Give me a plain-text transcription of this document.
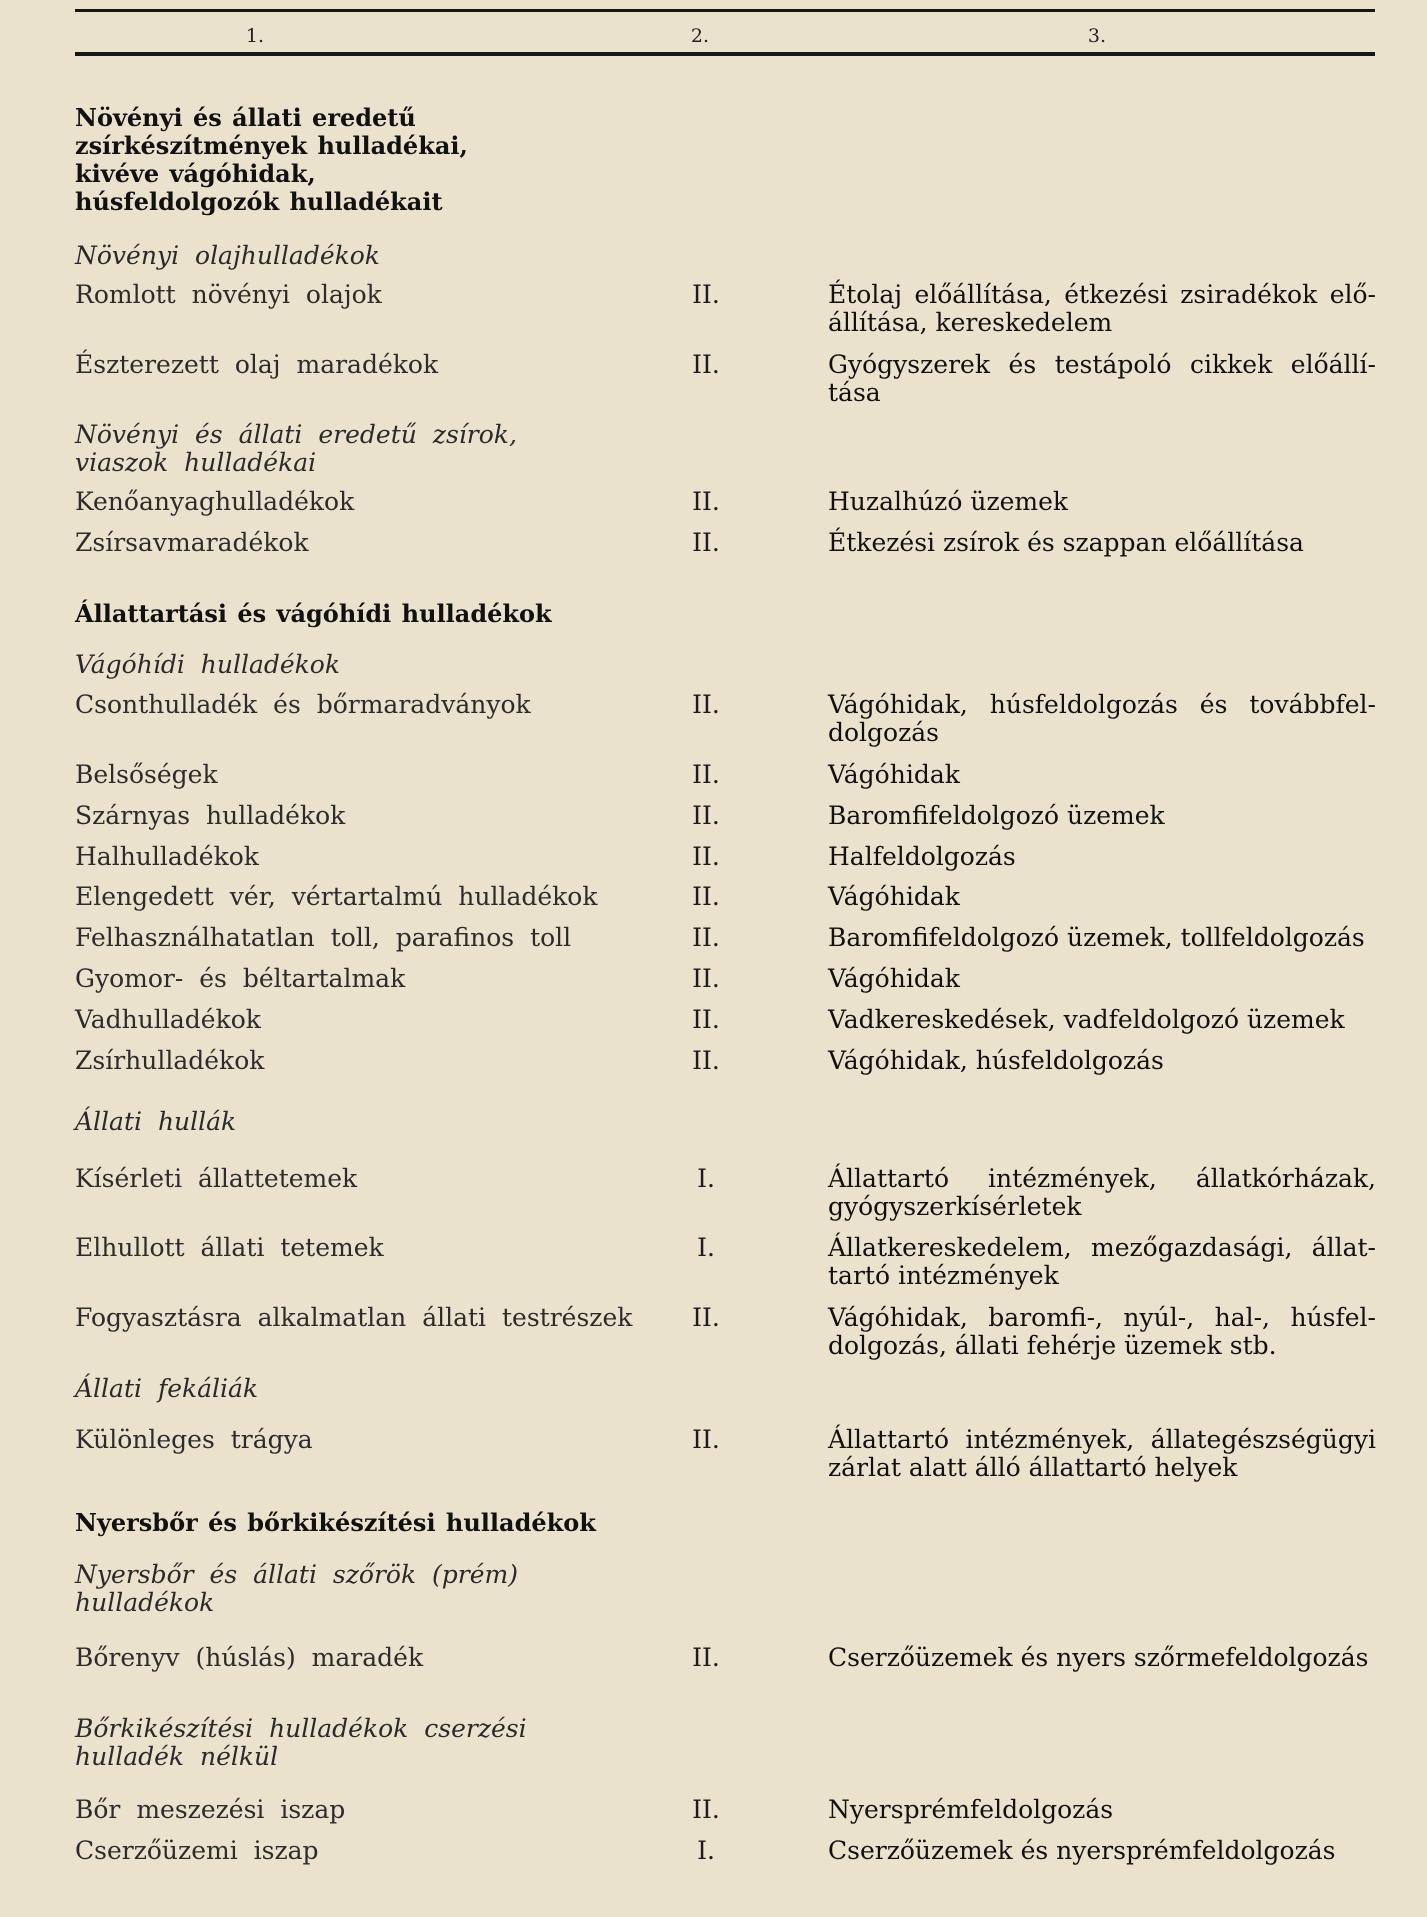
1.	2.	3.
Növényi és állati eredetű
zsírkészítmények hulladékai,
kivéve vágóhidak,
húsfeldolgozók hulladékait
Növényi olajhulladékok
Romlott növényi olajok	II.	Étolaj előállítása, étkezési zsiradékok elő-
állítása, kereskedelem
Észterezett olaj maradékok	II.	Gyógyszerek és testápoló cikkek előállí-
tása
Növényi és állati eredetű zsírok,
viaszok hulladékai
Kenőanyaghulladékok	II.	Huzalhúzó üzemek
Zsírsavmaradékok	II.	Étkezési zsírok és szappan előállítása
Állattartási és vágóhídi hulladékok
Vágóhídi hulladékok
Csonthulladék és bőrmaradványok	II.	Vágóhidak, húsfeldolgozás és továbbfel-
dolgozás
Belsőségek	II.	Vágóhidak
Szárnyas hulladékok	II.	Baromfifeldolgozó üzemek
Halhulladékok	II.	Halfeldolgozás
Elengedett vér, vértartalmú hulladékok	II.	Vágóhidak
Felhasználhatatlan toll, parafinos toll	II.	Baromfifeldolgozó üzemek, tollfeldolgozás
Gyomor- és béltartalmak	II.	Vágóhidak
Vadhulladékok	II.	Vadkereskedések, vadfeldolgozó üzemek
Zsírhulladékok	II.	Vágóhidak, húsfeldolgozás
Állati hullák
Kísérleti állattetemek	I.	Állattartó intézmények, állatkórházak,
gyógyszerkísérletek
Elhullott állati tetemek	I.	Állatkereskedelem, mezőgazdasági, állat-
tartó intézmények
Fogyasztásra alkalmatlan állati testrészek II.	Vágóhidak, baromfi-, nyúl-, hal-, húsfel-
dolgozás, állati fehérje üzemek stb.
Állati fekáliák
Különleges trágya	II.	Állattartó intézmények, állategészségügyi
zárlat alatt álló állattartó helyek
Nyersbőr és bőrkikészítési hulladékok
Nyersbőr és állati szőrök (prém)
hulladékok
Bőrenyv (húslás) maradék	II.	Cserzőüzemek és nyers szőrmefeldolgozás
Bőrkikészítési hulladékok cserzési
hulladék nélkül
Bőr meszezési iszap	II.	Nyersprémfeldolgozás
Cserzőüzemi iszap	I.	Cserzőüzemek és nyersprémfeldolgozás
